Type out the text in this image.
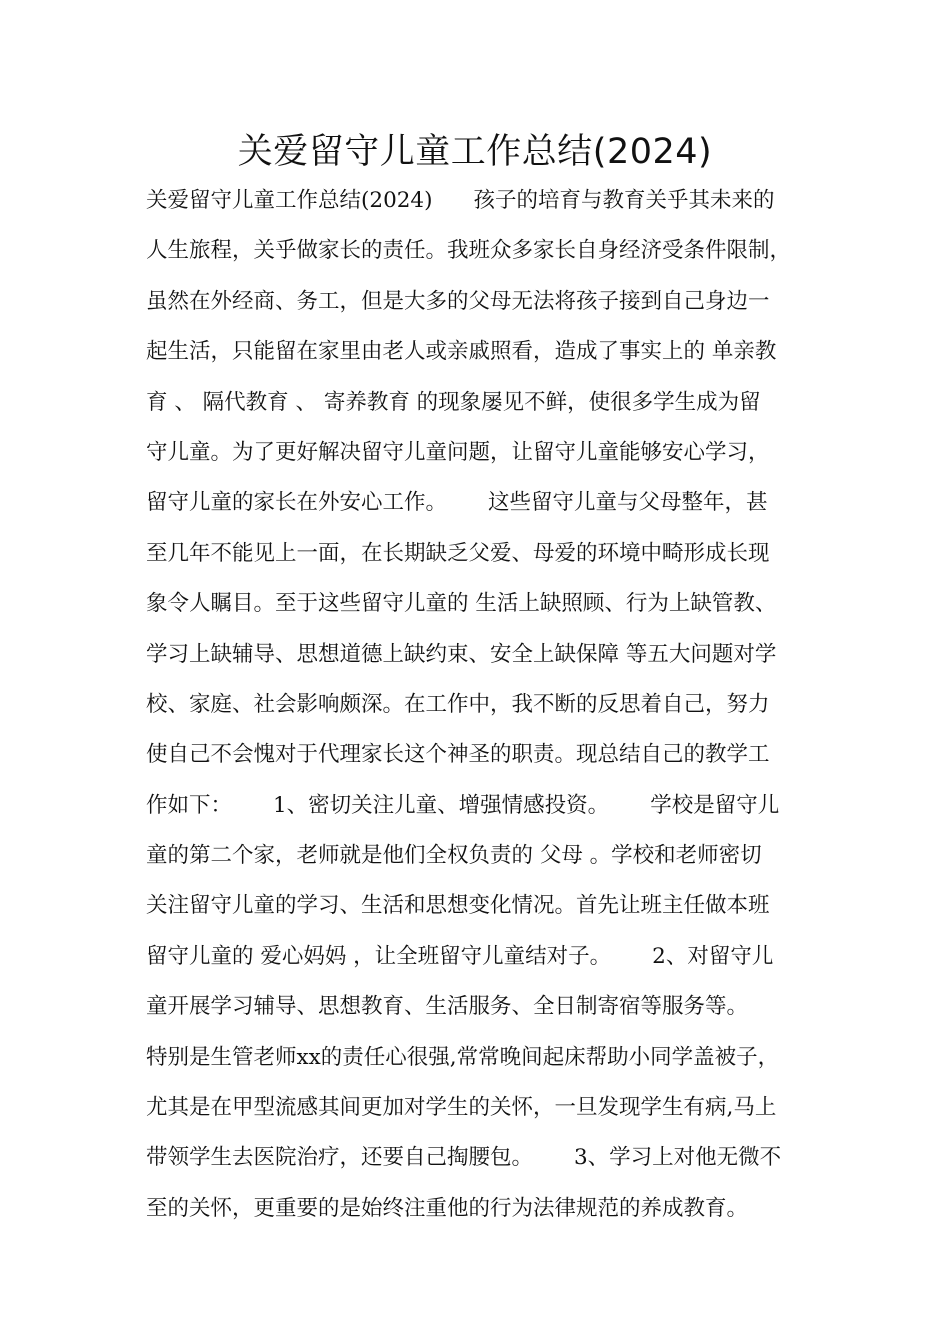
关爱留守儿童工作总结(2024)
关爱留守儿童工作总结(2024)      孩子的培育与教育关乎其未来的
人生旅程，关乎做家长的责任。我班众多家长自身经济受条件限制，
虽然在外经商、务工，但是大多的父母无法将孩子接到自己身边一
起生活，只能留在家里由老人或亲戚照看，造成了事实上的 单亲教
育 、 隔代教育 、 寄养教育 的现象屡见不鲜，使很多学生成为留
守儿童。为了更好解决留守儿童问题，让留守儿童能够安心学习，
留守儿童的家长在外安心工作。      这些留守儿童与父母整年，甚
至几年不能见上一面，在长期缺乏父爱、母爱的环境中畸形成长现
象令人瞩目。至于这些留守儿童的 生活上缺照顾、行为上缺管教、
学习上缺辅导、思想道德上缺约束、安全上缺保障 等五大问题对学
校、家庭、社会影响颇深。在工作中，我不断的反思着自己，努力
使自己不会愧对于代理家长这个神圣的职责。现总结自己的教学工
作如下：      1、密切关注儿童、增强情感投资。      学校是留守儿
童的第二个家，老师就是他们全权负责的 父母 。学校和老师密切
关注留守儿童的学习、生活和思想变化情况。首先让班主任做本班
留守儿童的 爱心妈妈 ，让全班留守儿童结对子。      2、对留守儿
童开展学习辅导、思想教育、生活服务、全日制寄宿等服务等。
特别是生管老师xx的责任心很强,常常晚间起床帮助小同学盖被子，
尤其是在甲型流感其间更加对学生的关怀，一旦发现学生有病,马上
带领学生去医院治疗，还要自己掏腰包。      3、学习上对他无微不
至的关怀，更重要的是始终注重他的行为法律规范的养成教育。
